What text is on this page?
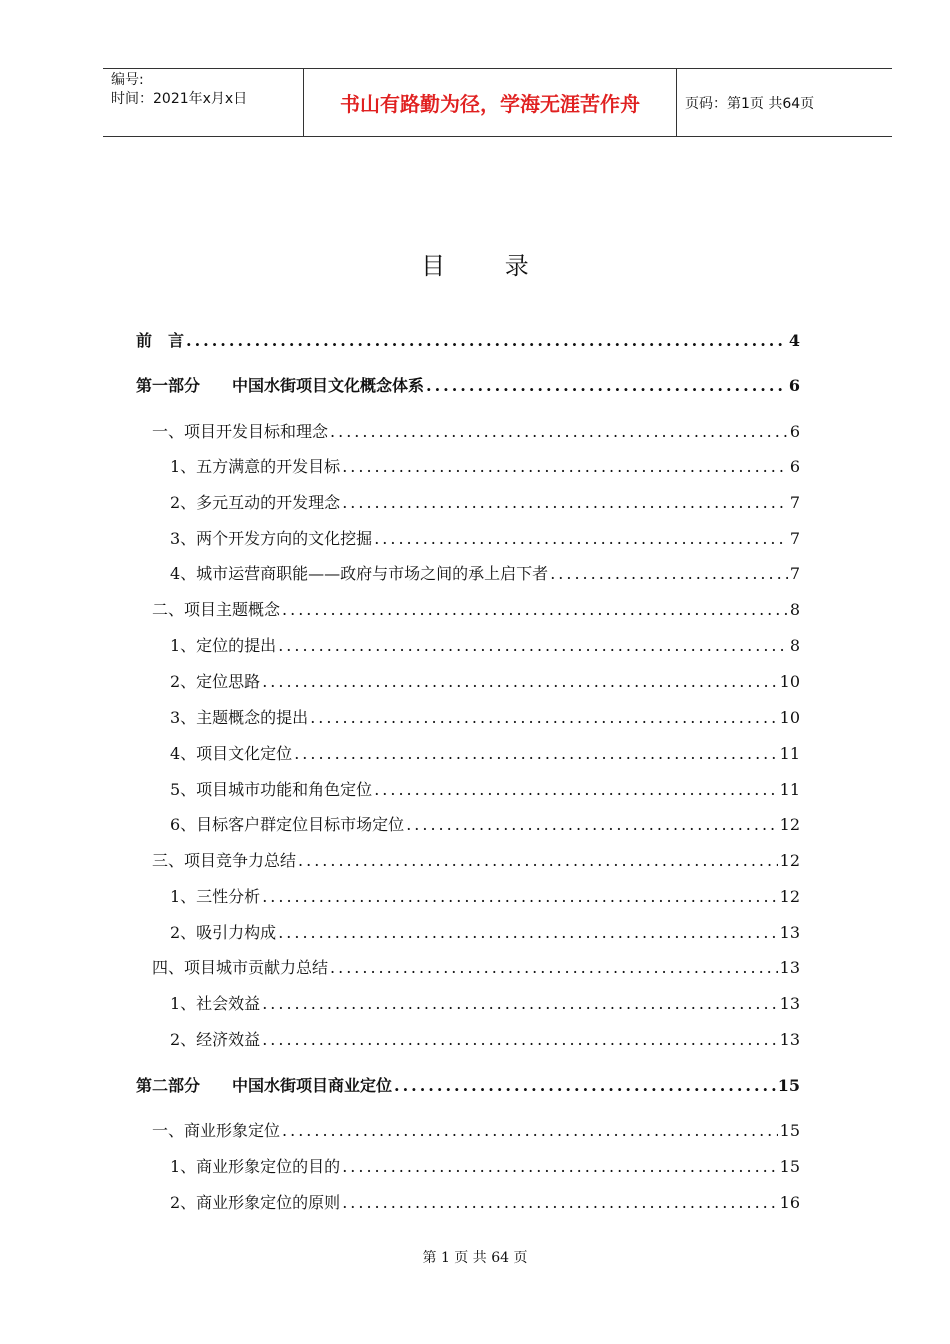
编号:
时间：2021年x月x日	书山有路勤为径，学海无涯苦作舟	页码：第1页 共64页
目 录
前　言 .....	4
第一部分　　中国水街项目文化概念体系 .....	6
一、项目开发目标和理念 .....	6
1、五方满意的开发目标 .....	6
2、多元互动的开发理念 .....	7
3、两个开发方向的文化挖掘 .....	7
4、城市运营商职能——政府与市场之间的承上启下者 .....	7
二、项目主题概念 .....	8
1、定位的提出 .....	8
2、定位思路 .....	10
3、主题概念的提出 .....	10
4、项目文化定位 .....	11
5、项目城市功能和角色定位 .....	11
6、目标客户群定位目标市场定位 .....	12
三、项目竞争力总结 .....	12
1、三性分析 .....	12
2、吸引力构成 .....	13
四、项目城市贡献力总结 .....	13
1、社会效益 .....	13
2、经济效益 .....	13
第二部分　　中国水街项目商业定位 .....	15
一、商业形象定位 .....	15
1、商业形象定位的目的 .....	15
2、商业形象定位的原则 .....	16
第 1 页 共 64 页
